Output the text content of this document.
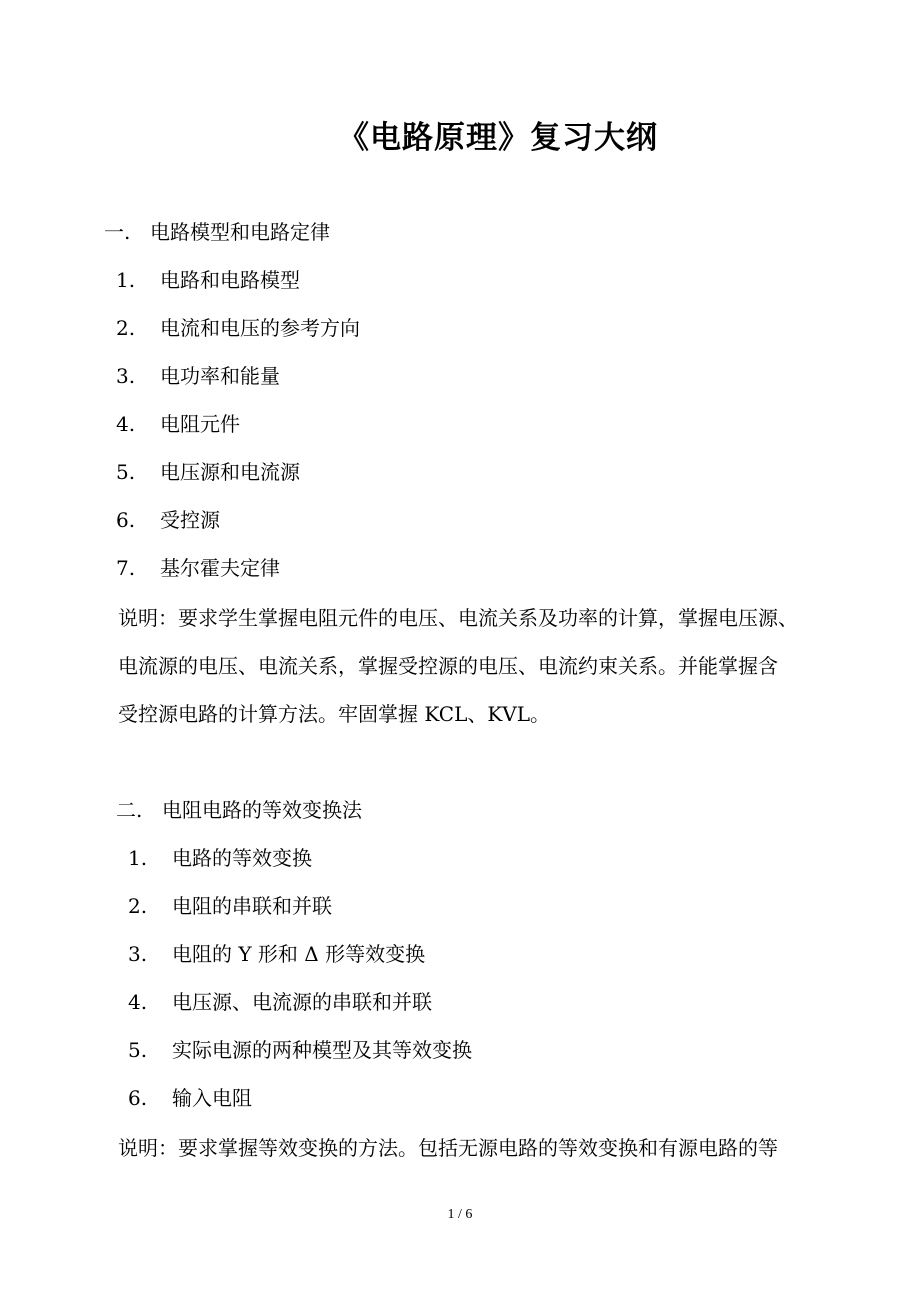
《电路原理》复习大纲
一. 电路模型和电路定律
1. 电路和电路模型
2. 电流和电压的参考方向
3. 电功率和能量
4. 电阻元件
5. 电压源和电流源
6. 受控源
7. 基尔霍夫定律
说明：要求学生掌握电阻元件的电压、电流关系及功率的计算，掌握电压源、
电流源的电压、电流关系，掌握受控源的电压、电流约束关系。并能掌握含
受控源电路的计算方法。牢固掌握 KCL、KVL。
二. 电阻电路的等效变换法
1. 电路的等效变换
2. 电阻的串联和并联
3. 电阻的 Y 形和 Δ 形等效变换
4. 电压源、电流源的串联和并联
5. 实际电源的两种模型及其等效变换
6. 输入电阻
说明：要求掌握等效变换的方法。包括无源电路的等效变换和有源电路的等
1 / 6
